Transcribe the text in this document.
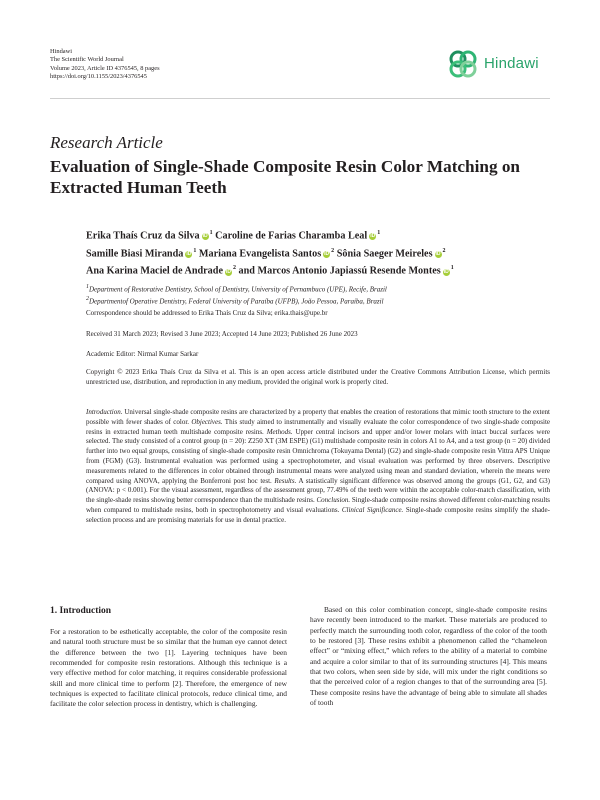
Hindawi
The Scientific World Journal
Volume 2023, Article ID 4376545, 8 pages
https://doi.org/10.1155/2023/4376545
Hindawi
Research Article
Evaluation of Single-Shade Composite Resin Color Matching on Extracted Human Teeth
Erika Thaís Cruz da Silva $iD^1$ Caroline de Farias Charamba Leal $iD^1$
Samille Biasi Miranda $iD^1$ Mariana Evangelista Santos $iD^2$ Sônia Saeger Meireles $iD^2$
Ana Karina Maciel de Andrade $iD^2$ and Marcos Antonio Japiassú Resende Montes $iD^1$
$^1$Department of Restorative Dentistry, School of Dentistry, University of Pernambuco (UPE), Recife, Brazil
$^2$Departmentof Operative Dentistry, Federal University of Paraíba (UFPB), João Pessoa, Paraíba, Brazil
Correspondence should be addressed to Erika Thaís Cruz da Silva; erika.thais@upe.br
Received 31 March 2023; Revised 3 June 2023; Accepted 14 June 2023; Published 26 June 2023
Academic Editor: Nirmal Kumar Sarkar
Copyright © 2023 Erika Thaís Cruz da Silva et al. This is an open access article distributed under the Creative Commons Attribution License, which permits unrestricted use, distribution, and reproduction in any medium, provided the original work is properly cited.
Introduction. Universal single-shade composite resins are characterized by a property that enables the creation of restorations that mimic tooth structure to the extent possible with fewer shades of color. Objectives. This study aimed to instrumentally and visually evaluate the color correspondence of two single-shade composite resins in extracted human teeth multishade composite resins. Methods. Upper central incisors and upper and/or lower molars with intact buccal surfaces were selected. The study consisted of a control group (n = 20): Z250 XT (3M ESPE) (G1) multishade composite resin in colors A1 to A4, and a test group (n = 20) divided further into two equal groups, consisting of single-shade composite resin Omnichroma (Tokuyama Dental) (G2) and single-shade composite resin Vittra APS Unique from (FGM) (G3). Instrumental evaluation was performed using a spectrophotometer, and visual evaluation was performed by three observers. Descriptive measurements related to the differences in color obtained through instrumental means were analyzed using mean and standard deviation, wherein the means were compared using ANOVA, applying the Bonferroni post hoc test. Results. A statistically significant difference was observed among the groups (G1, G2, and G3) (ANOVA: p < 0.001). For the visual assessment, regardless of the assessment group, 77.49% of the teeth were within the acceptable color-match classification, with the single-shade resins showing better correspondence than the multishade resins. Conclusion. Single-shade composite resins showed different color-matching results when compared to multishade resins, both in spectrophotometry and visual evaluations. Clinical Significance. Single-shade composite resins simplify the shade-selection process and are promising materials for use in dental practice.
1. Introduction
For a restoration to be esthetically acceptable, the color of the composite resin and natural tooth structure must be so similar that the human eye cannot detect the difference between the two [1]. Layering techniques have been recommended for composite resin restorations. Although this technique is a very effective method for color matching, it requires considerable professional skill and more clinical time to perform [2]. Therefore, the emergence of new techniques is expected to facilitate clinical protocols, reduce clinical time, and facilitate the color selection process in dentistry, which is challenging.
Based on this color combination concept, single-shade composite resins have recently been introduced to the market. These materials are produced to perfectly match the surrounding tooth color, regardless of the color of the tooth to be restored [3]. These resins exhibit a phenomenon called the “chameleon effect” or “mixing effect,” which refers to the ability of a material to combine and acquire a color similar to that of its surrounding structures [4]. This means that two colors, when seen side by side, will mix under the right conditions so that the perceived color of a region changes to that of the surrounding area [5]. These composite resins have the advantage of being able to simulate all shades of tooth
